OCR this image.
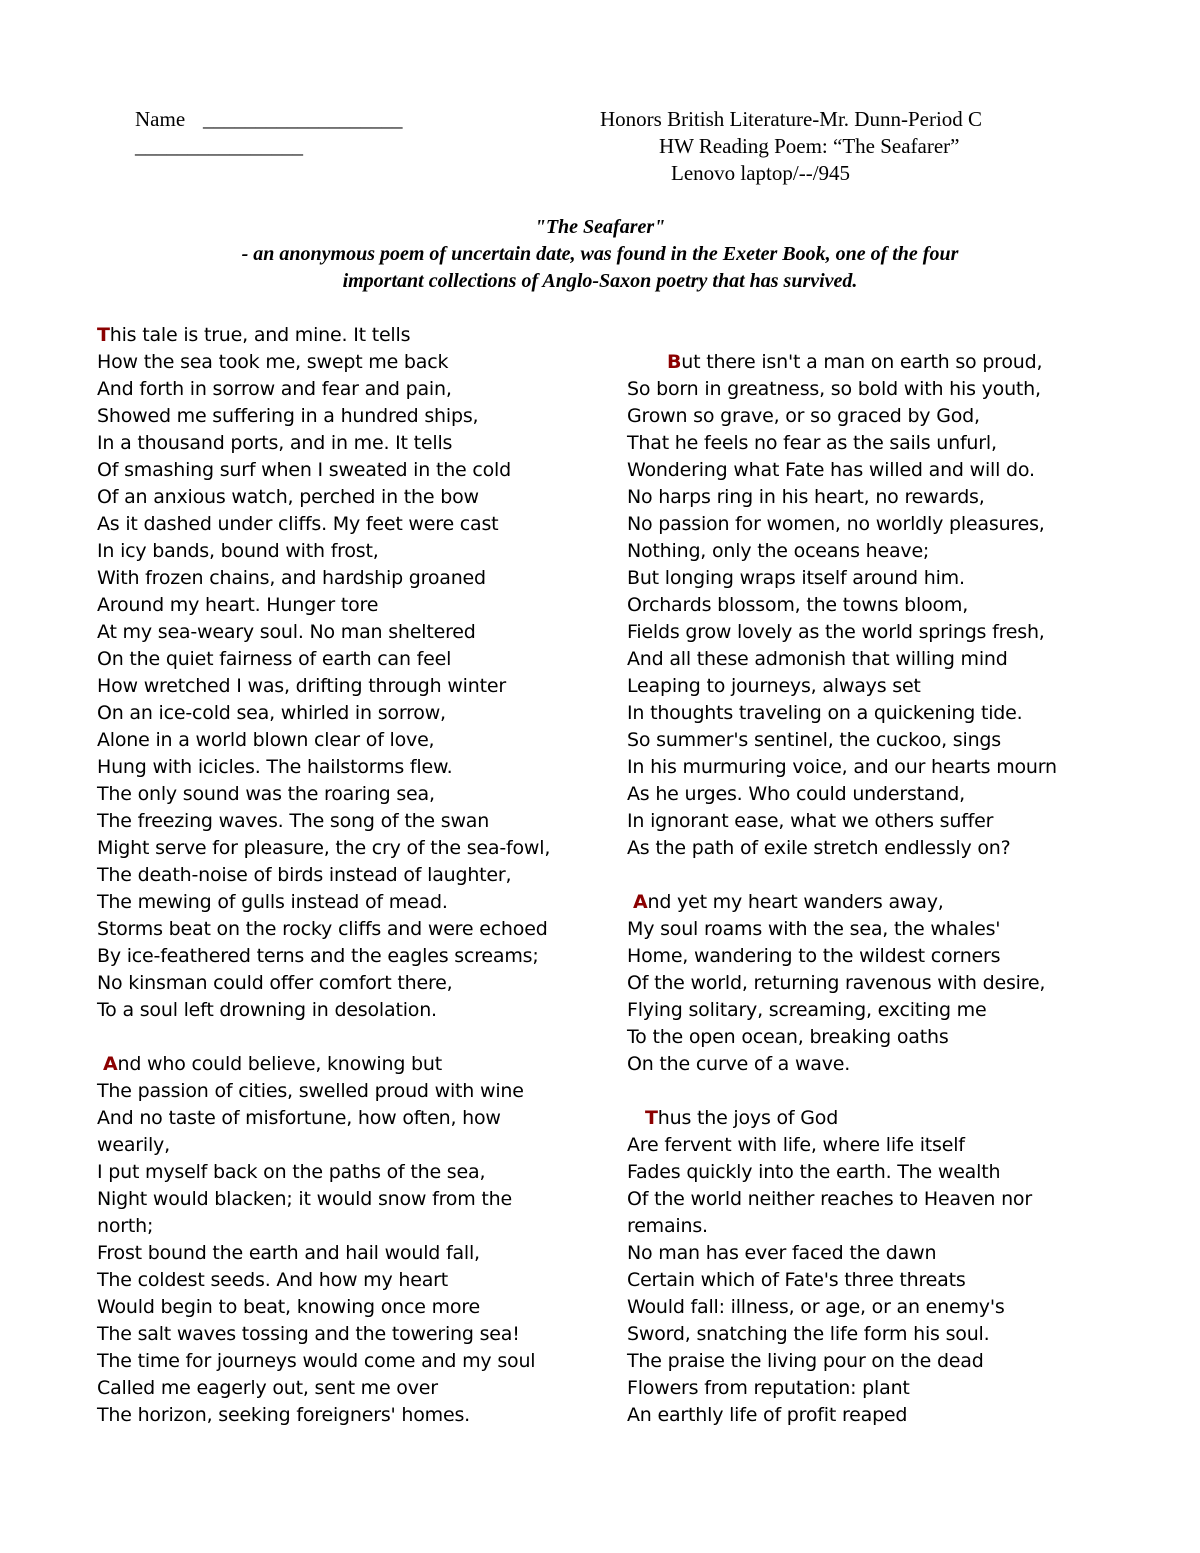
Name ___________________
________________
Honors British Literature-Mr. Dunn-Period C
HW Reading Poem: “The Seafarer”
Lenovo laptop/--/945
"The Seafarer"
- an anonymous poem of uncertain date, was found in the Exeter Book, one of the four
important collections of Anglo-Saxon poetry that has survived.
This tale is true, and mine. It tells
How the sea took me, swept me back
And forth in sorrow and fear and pain,
Showed me suffering in a hundred ships,
In a thousand ports, and in me. It tells
Of smashing surf when I sweated in the cold
Of an anxious watch, perched in the bow
As it dashed under cliffs. My feet were cast
In icy bands, bound with frost,
With frozen chains, and hardship groaned
Around my heart. Hunger tore
At my sea-weary soul. No man sheltered
On the quiet fairness of earth can feel
How wretched I was, drifting through winter
On an ice-cold sea, whirled in sorrow,
Alone in a world blown clear of love,
Hung with icicles. The hailstorms flew.
The only sound was the roaring sea,
The freezing waves. The song of the swan
Might serve for pleasure, the cry of the sea-fowl,
The death-noise of birds instead of laughter,
The mewing of gulls instead of mead.
Storms beat on the rocky cliffs and were echoed
By ice-feathered terns and the eagles screams;
No kinsman could offer comfort there,
To a soul left drowning in desolation.
And who could believe, knowing but
The passion of cities, swelled proud with wine
And no taste of misfortune, how often, how
wearily,
I put myself back on the paths of the sea,
Night would blacken; it would snow from the
north;
Frost bound the earth and hail would fall,
The coldest seeds. And how my heart
Would begin to beat, knowing once more
The salt waves tossing and the towering sea!
The time for journeys would come and my soul
Called me eagerly out, sent me over
The horizon, seeking foreigners' homes.
But there isn't a man on earth so proud,
So born in greatness, so bold with his youth,
Grown so grave, or so graced by God,
That he feels no fear as the sails unfurl,
Wondering what Fate has willed and will do.
No harps ring in his heart, no rewards,
No passion for women, no worldly pleasures,
Nothing, only the oceans heave;
But longing wraps itself around him.
Orchards blossom, the towns bloom,
Fields grow lovely as the world springs fresh,
And all these admonish that willing mind
Leaping to journeys, always set
In thoughts traveling on a quickening tide.
So summer's sentinel, the cuckoo, sings
In his murmuring voice, and our hearts mourn
As he urges. Who could understand,
In ignorant ease, what we others suffer
As the path of exile stretch endlessly on?
And yet my heart wanders away,
My soul roams with the sea, the whales'
Home, wandering to the wildest corners
Of the world, returning ravenous with desire,
Flying solitary, screaming, exciting me
To the open ocean, breaking oaths
On the curve of a wave.
Thus the joys of God
Are fervent with life, where life itself
Fades quickly into the earth. The wealth
Of the world neither reaches to Heaven nor
remains.
No man has ever faced the dawn
Certain which of Fate's three threats
Would fall: illness, or age, or an enemy's
Sword, snatching the life form his soul.
The praise the living pour on the dead
Flowers from reputation: plant
An earthly life of profit reaped
